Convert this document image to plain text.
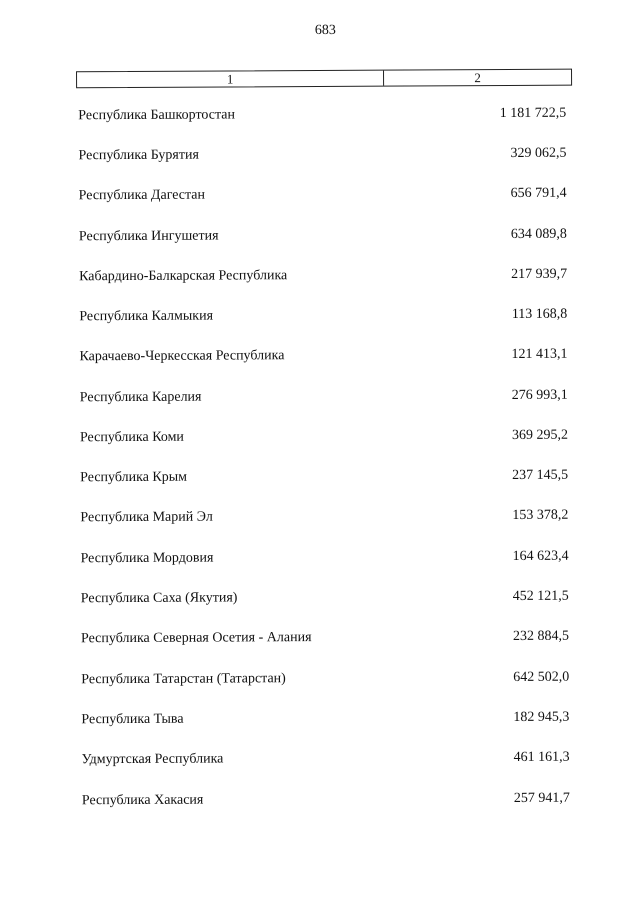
683
1	2
Республика Башкортостан	1 181 722,5
Республика Бурятия	329 062,5
Республика Дагестан	656 791,4
Республика Ингушетия	634 089,8
Кабардино-Балкарская Республика	217 939,7
Республика Калмыкия	113 168,8
Карачаево-Черкесская Республика	121 413,1
Республика Карелия	276 993,1
Республика Коми	369 295,2
Республика Крым	237 145,5
Республика Марий Эл	153 378,2
Республика Мордовия	164 623,4
Республика Саха (Якутия)	452 121,5
Республика Северная Осетия - Алания	232 884,5
Республика Татарстан (Татарстан)	642 502,0
Республика Тыва	182 945,3
Удмуртская Республика	461 161,3
Республика Хакасия	257 941,7
